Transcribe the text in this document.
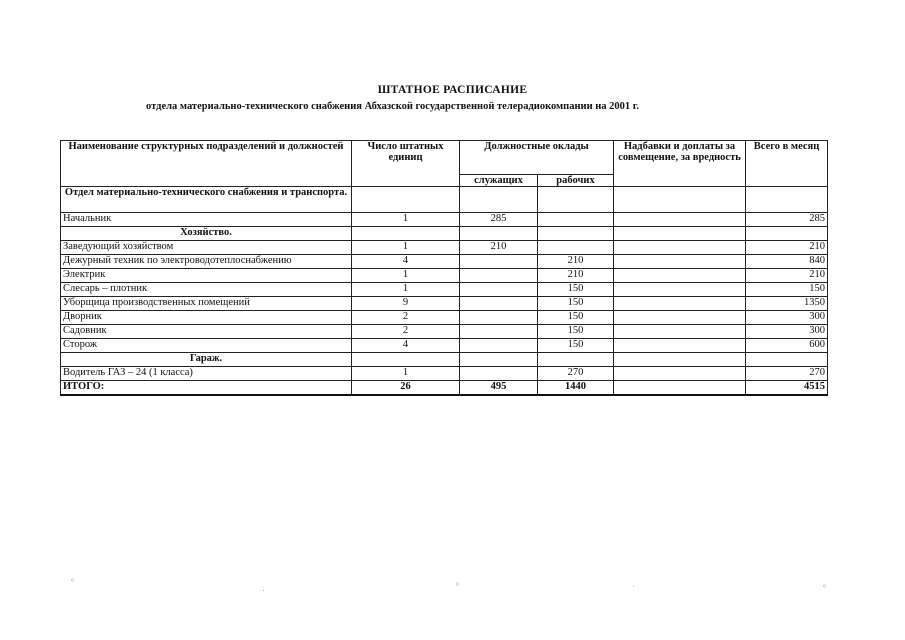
ШТАТНОЕ РАСПИСАНИЕ
отдела материально-технического снабжения Абхазской государственной телерадиокомпании на 2001 г.
Наименование структурных подразделений и должностей	Число штатных единиц	Должностные оклады		Надбавки и доплаты за совмещение, за вредность	Всего в месяц
		служащих	рабочих		
Отдел материально-технического снабжения и транспорта.					
Начальник	1	285			285
Хозяйство.					
Заведующий хозяйством	1	210			210
Дежурный техник по электроводотеплоснабжению	4		210		840
Электрик	1		210		210
Слесарь – плотник	1		150		150
Уборщица производственных помещений	9		150		1350
Дворник	2		150		300
Садовник	2		150		300
Сторож	4		150		600
Гараж.					
Водитель ГАЗ – 24 (1 класса)	1		270		270
ИТОГО:	26	495	1440		4515
°
·	°	·	°
